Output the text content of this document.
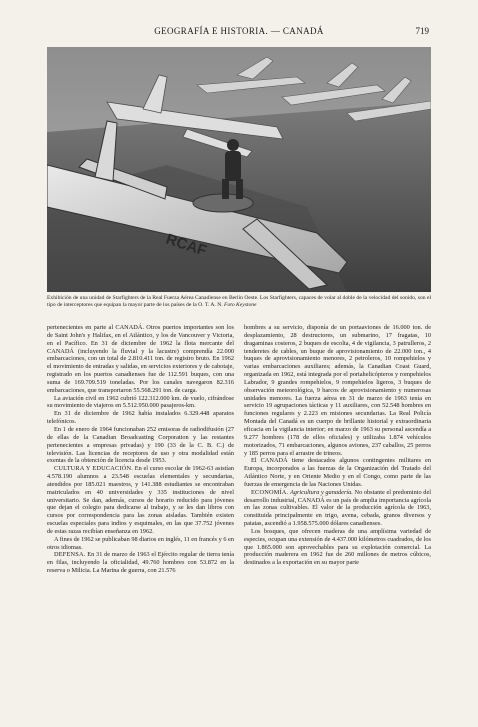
GEOGRAFÍA E HISTORIA. — CANADÁ	719
RCAF
Exhibición de una unidad de Starfighters de la Real Fuerza Aérea Canadiense en Berlín Oeste. Los Starfighters, capaces de volar al doble de la velocidad del sonido, son el tipo de interceptores que equipan la mayor parte de los países de la O. T. A. N. Foto Keystone

pertenecientes en parte al CANADÁ. Otros puertos importantes son los de Saint John's y Halifax, en el Atlántico, y los de Vancouver y Victoria, en el Pacífico. En 31 de diciembre de 1962 la flota mercante del CANADÁ (incluyendo la fluvial y la lacustre) comprendía 22.000 embarcaciones, con un total de 2.810.411 ton. de registro bruto. En 1962 el movimiento de entradas y salidas, en servicios exteriores y de cabotaje, registrado en los puertos canadienses fue de 112.591 buques, con una suma de 169.709.519 toneladas. Por los canales navegaron 82.316 embarcaciones, que transportaron 55.568.291 ton. de carga.

La aviación civil en 1962 cubrió 122.312.000 km. de vuelo, cifrándose su movimiento de viajeros en 5.512.950.000 pasajeros-km.

En 31 de diciembre de 1962 había instalados 6.329.448 aparatos telefónicos.

En 1 de enero de 1964 funcionaban 252 emisoras de radiodifusión (27 de ellas de la Canadian Broadcasting Corporation y las restantes pertenecientes a empresas privadas) y 190 (33 de la C. B. C.) de televisión. Las licencias de receptores de uso y otra modalidad están exentas de la obtención de licencia desde 1953.

CULTURA Y EDUCACIÓN. En el curso escolar de 1962-63 asistían 4.578.190 alumnos a 23.548 escuelas elementales y secundarias, atendidos por 185.021 maestros, y 141.388 estudiantes se encontraban matriculados en 40 universidades y 335 instituciones de nivel universitario. Se dan, además, cursos de horario reducido para jóvenes que dejan el colegio para dedicarse al trabajo, y se les dan libros con cursos por correspondencia para las zonas aisladas. También existen escuelas especiales para indios y esquimales, en las que 37.752 jóvenes de estas razas recibían enseñanza en 1962.

A fines de 1962 se publicaban 98 diarios en inglés, 11 en francés y 6 en otros idiomas.

DEFENSA. En 31 de marzo de 1963 el Ejército regular de tierra tenía en filas, incluyendo la oficialidad, 49.760 hombres con 53.872 en la reserva o Milicia. La Marina de guerra, con 21.576

hombres a su servicio, disponía de un portaaviones de 16.000 ton. de desplazamiento, 28 destructores, un submarino, 17 fragatas, 10 dragaminas costeros, 2 buques de escolta, 4 de vigilancia, 3 patrulleros, 2 tenderetes de cables, un buque de aprovisionamiento de 22.000 ton., 4 buques de aprovisionamiento menores, 2 petroleros, 10 rompehielos y varias embarcaciones auxiliares; además, la Canadian Coast Guard, organizada en 1962, está integrada por el portahelicópteros y rompehielos Labrador, 9 grandes rompehielos, 9 rompehielos ligeros, 3 buques de observación meteorológica, 9 barcos de aprovisionamiento y numerosas unidades menores. La fuerza aérea en 31 de marzo de 1963 tenía en servicio 19 agrupaciones tácticas y 11 auxiliares, con 52.548 hombres en funciones regulares y 2.223 en misiones secundarias. La Real Policía Montada del Canadá es un cuerpo de brillante historial y extraordinaria eficacia en la vigilancia interior; en marzo de 1963 su personal ascendía a 9.277 hombres (178 de ellos oficiales) y utilizaba 1.874 vehículos motorizados, 71 embarcaciones, algunos aviones, 237 caballos, 25 perros y 185 perros para el arrastre de trineos.

El CANADÁ tiene destacados algunos contingentes militares en Europa, incorporados a las fuerzas de la Organización del Tratado del Atlántico Norte, y en Oriente Medio y en el Congo, como parte de las fuerzas de emergencia de las Naciones Unidas.

ECONOMÍA. Agricultura y ganadería. No obstante el predominio del desarrollo industrial, CANADÁ es un país de amplia importancia agrícola en las zonas cultivables. El valor de la producción agrícola de 1963, constituida principalmente en trigo, avena, cebada, granos diversos y patatas, ascendió a 1.958.575.000 dólares canadienses.

Los bosques, que ofrecen maderas de una amplísima variedad de especies, ocupan una extensión de 4.437.000 kilómetros cuadrados, de los que 1.865.000 son aprovechables para su explotación comercial. La producción maderera en 1962 fue de 260 millones de metros cúbicos, destinados a la exportación en su mayor parte
